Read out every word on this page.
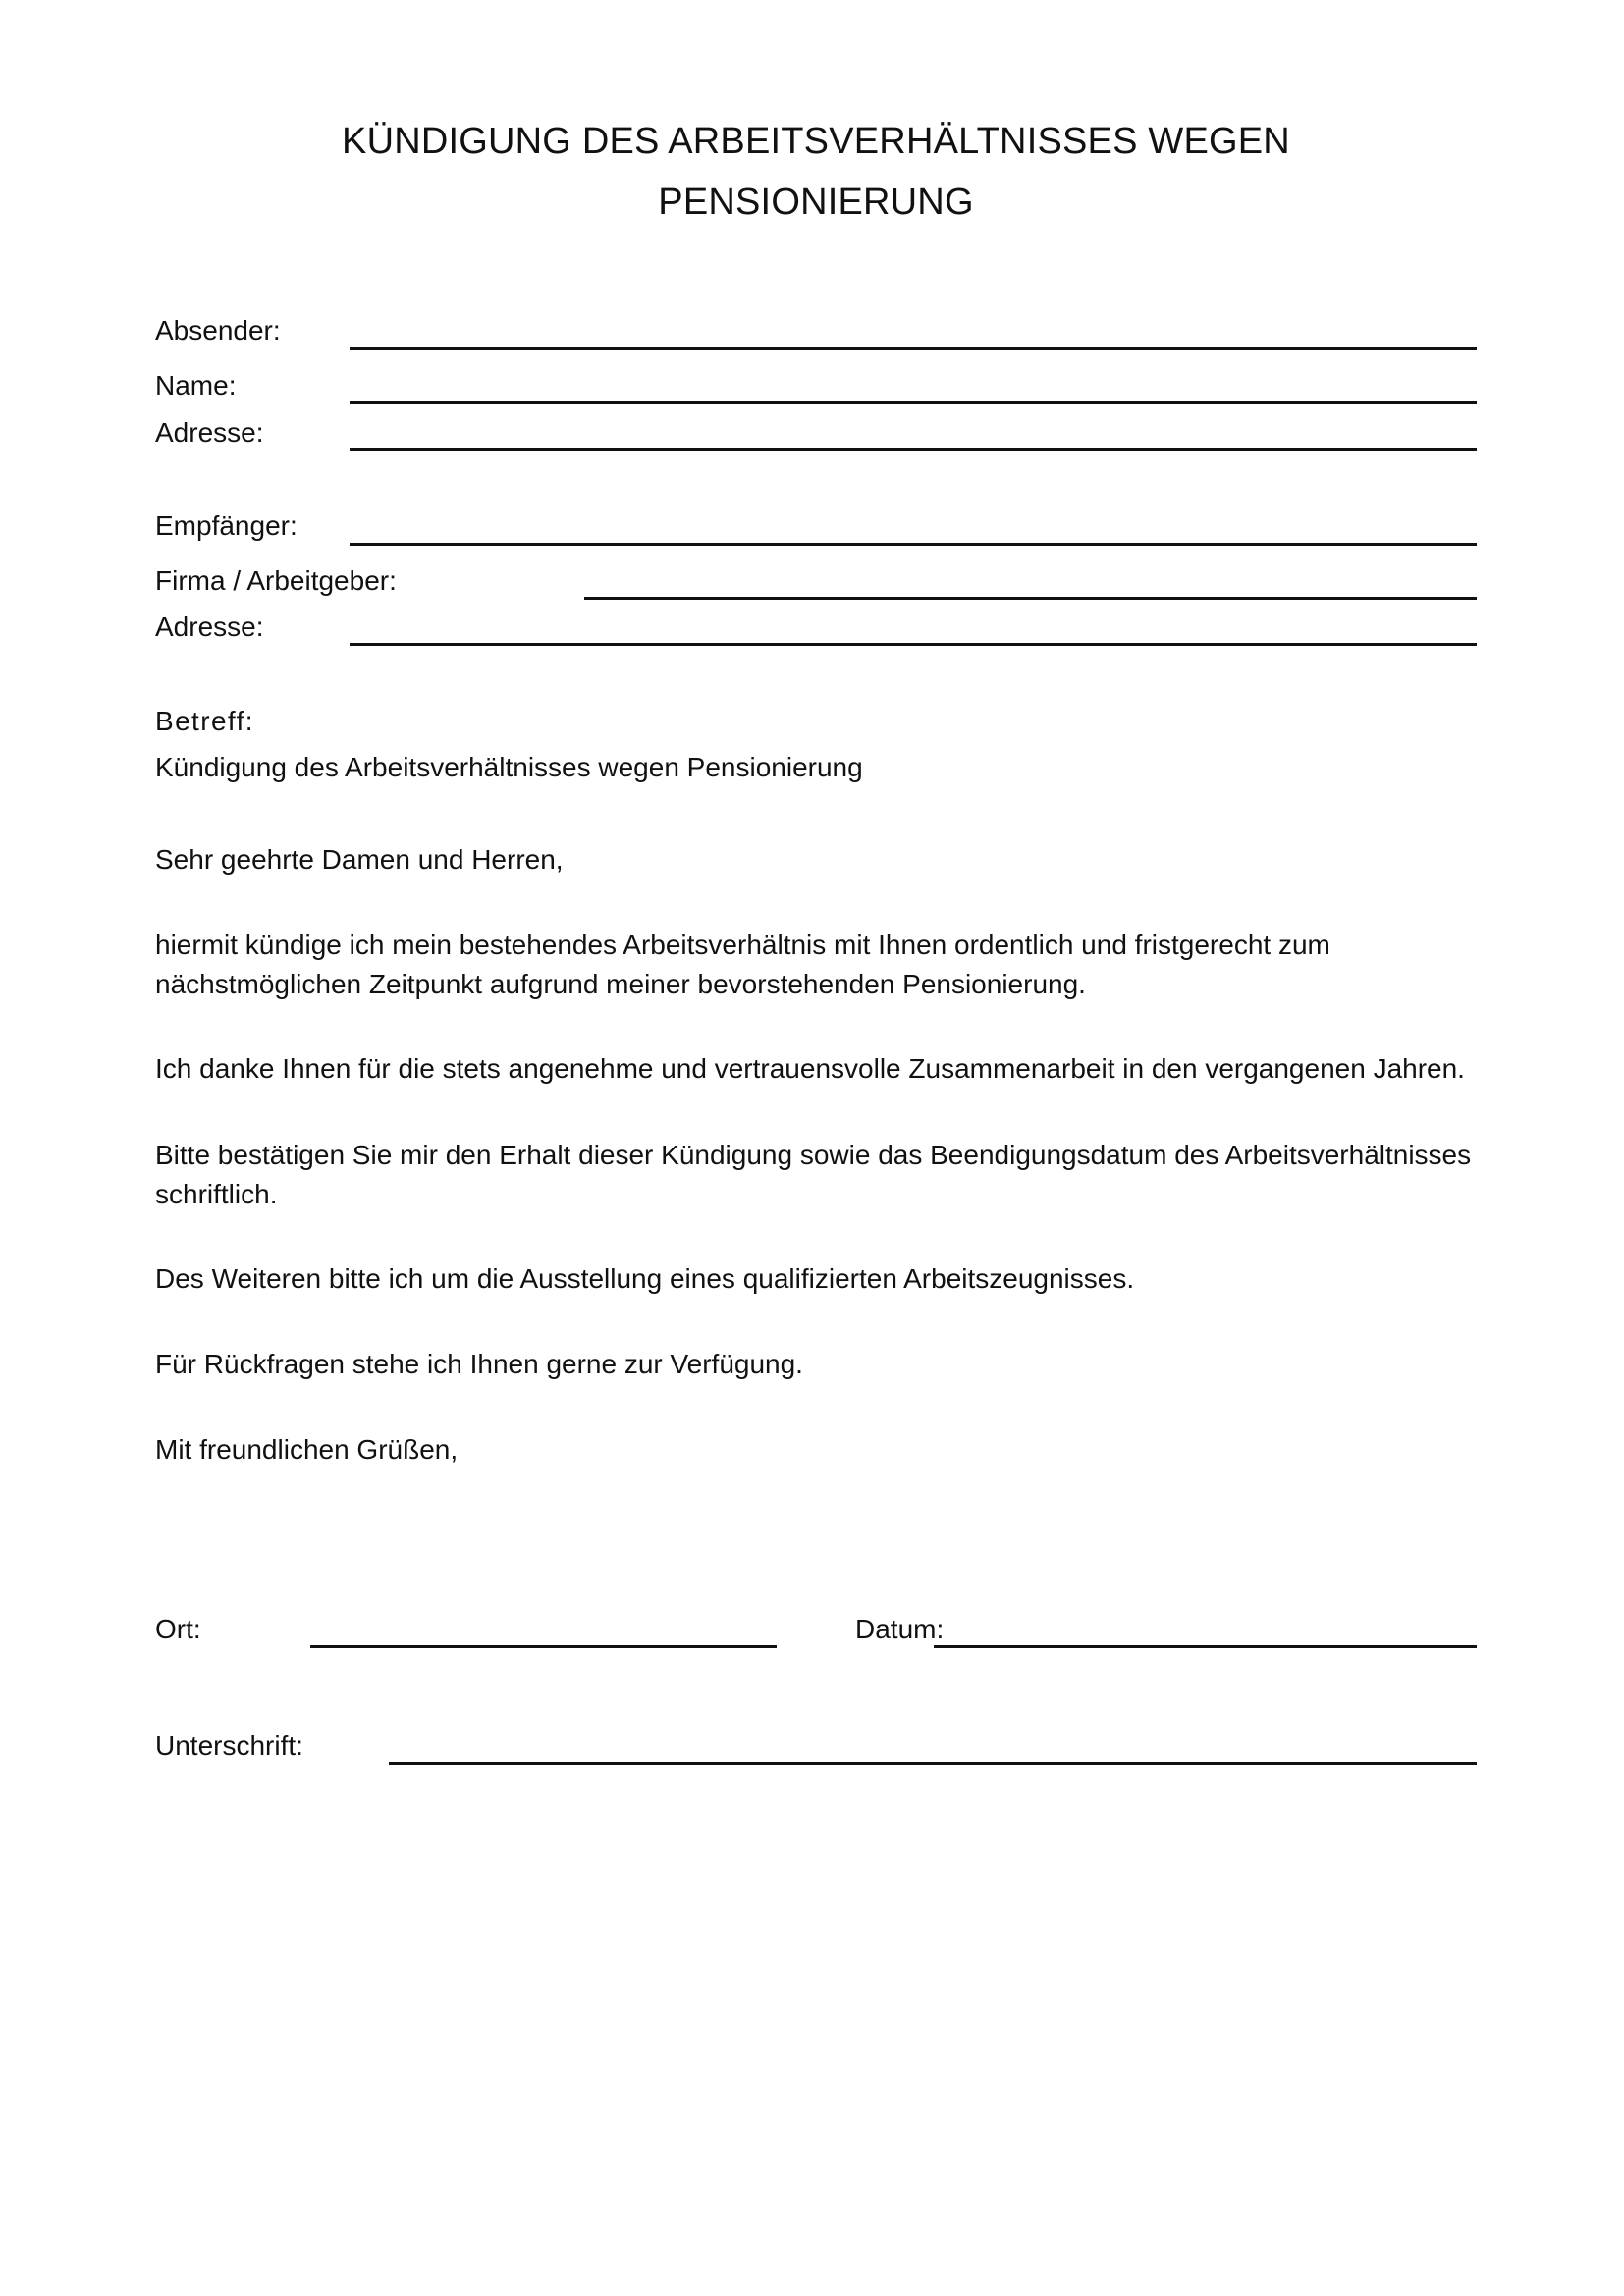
KÜNDIGUNG DES ARBEITSVERHÄLTNISSES WEGEN
PENSIONIERUNG
Absender:
Name:
Adresse:
Empfänger:
Firma / Arbeitgeber:
Adresse:
Betreff:
Kündigung des Arbeitsverhältnisses wegen Pensionierung
Sehr geehrte Damen und Herren,
hiermit kündige ich mein bestehendes Arbeitsverhältnis mit Ihnen ordentlich und fristgerecht zum
nächstmöglichen Zeitpunkt aufgrund meiner bevorstehenden Pensionierung.
Ich danke Ihnen für die stets angenehme und vertrauensvolle Zusammenarbeit in den vergangenen Jahren.
Bitte bestätigen Sie mir den Erhalt dieser Kündigung sowie das Beendigungsdatum des Arbeitsverhältnisses
schriftlich.
Des Weiteren bitte ich um die Ausstellung eines qualifizierten Arbeitszeugnisses.
Für Rückfragen stehe ich Ihnen gerne zur Verfügung.
Mit freundlichen Grüßen,
Ort:	Datum:
Unterschrift:
